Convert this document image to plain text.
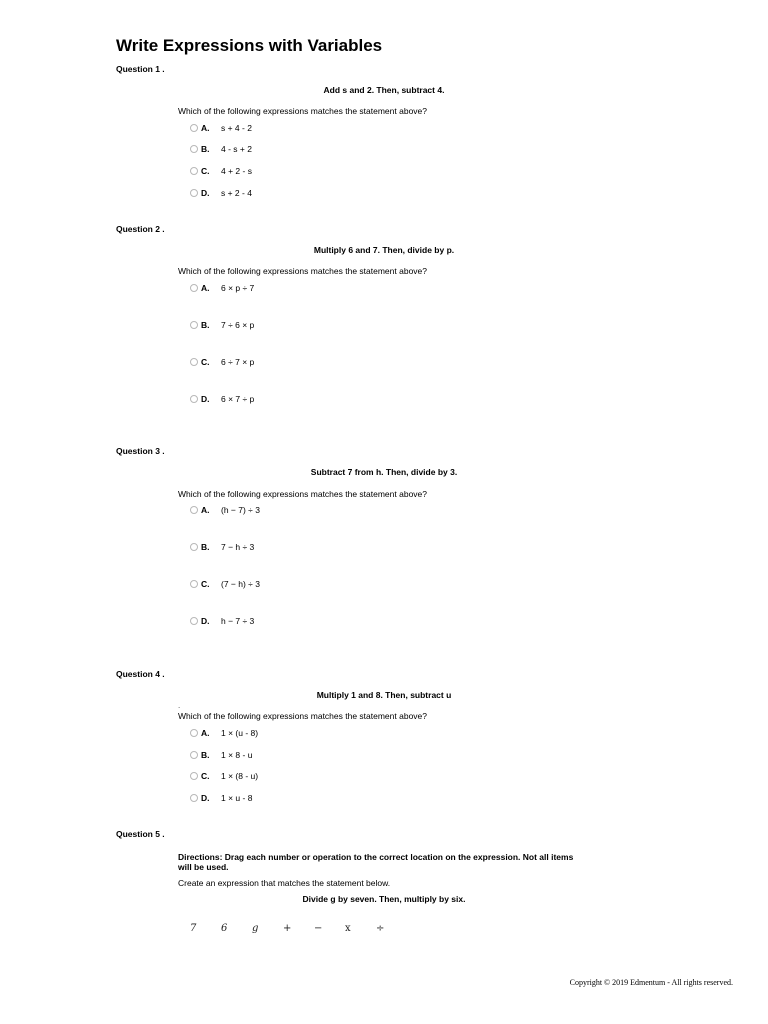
Write Expressions with Variables
Question 1 .
Add s and 2. Then, subtract 4.
Which of the following expressions matches the statement above?
A.	s + 4 - 2
B.	4 - s + 2
C.	4 + 2 - s
D.	s + 2 - 4
Question 2 .
Multiply 6 and 7. Then, divide by p.
Which of the following expressions matches the statement above?
A.	6 × p ÷ 7
B.	7 ÷ 6 × p
C.	6 ÷ 7 × p
D.	6 × 7 ÷ p
Question 3 .
Subtract 7 from h. Then, divide by 3.
Which of the following expressions matches the statement above?
A.	(h − 7) ÷ 3
B.	7 − h ÷ 3
C.	(7 − h) ÷ 3
D.	h − 7 ÷ 3
Question 4 .
Multiply 1 and 8. Then, subtract u
.
Which of the following expressions matches the statement above?
A.	1 × (u - 8)
B.	1 × 8 - u
C.	1 × (8 - u)
D.	1 × u - 8
Question 5 .
Directions: Drag each number or operation to the correct location on the expression. Not all items will be used.
Create an expression that matches the statement below.
Divide g by seven. Then, multiply by six.
7	6	g	+	−	x	÷
Copyright © 2019 Edmentum - All rights reserved.
